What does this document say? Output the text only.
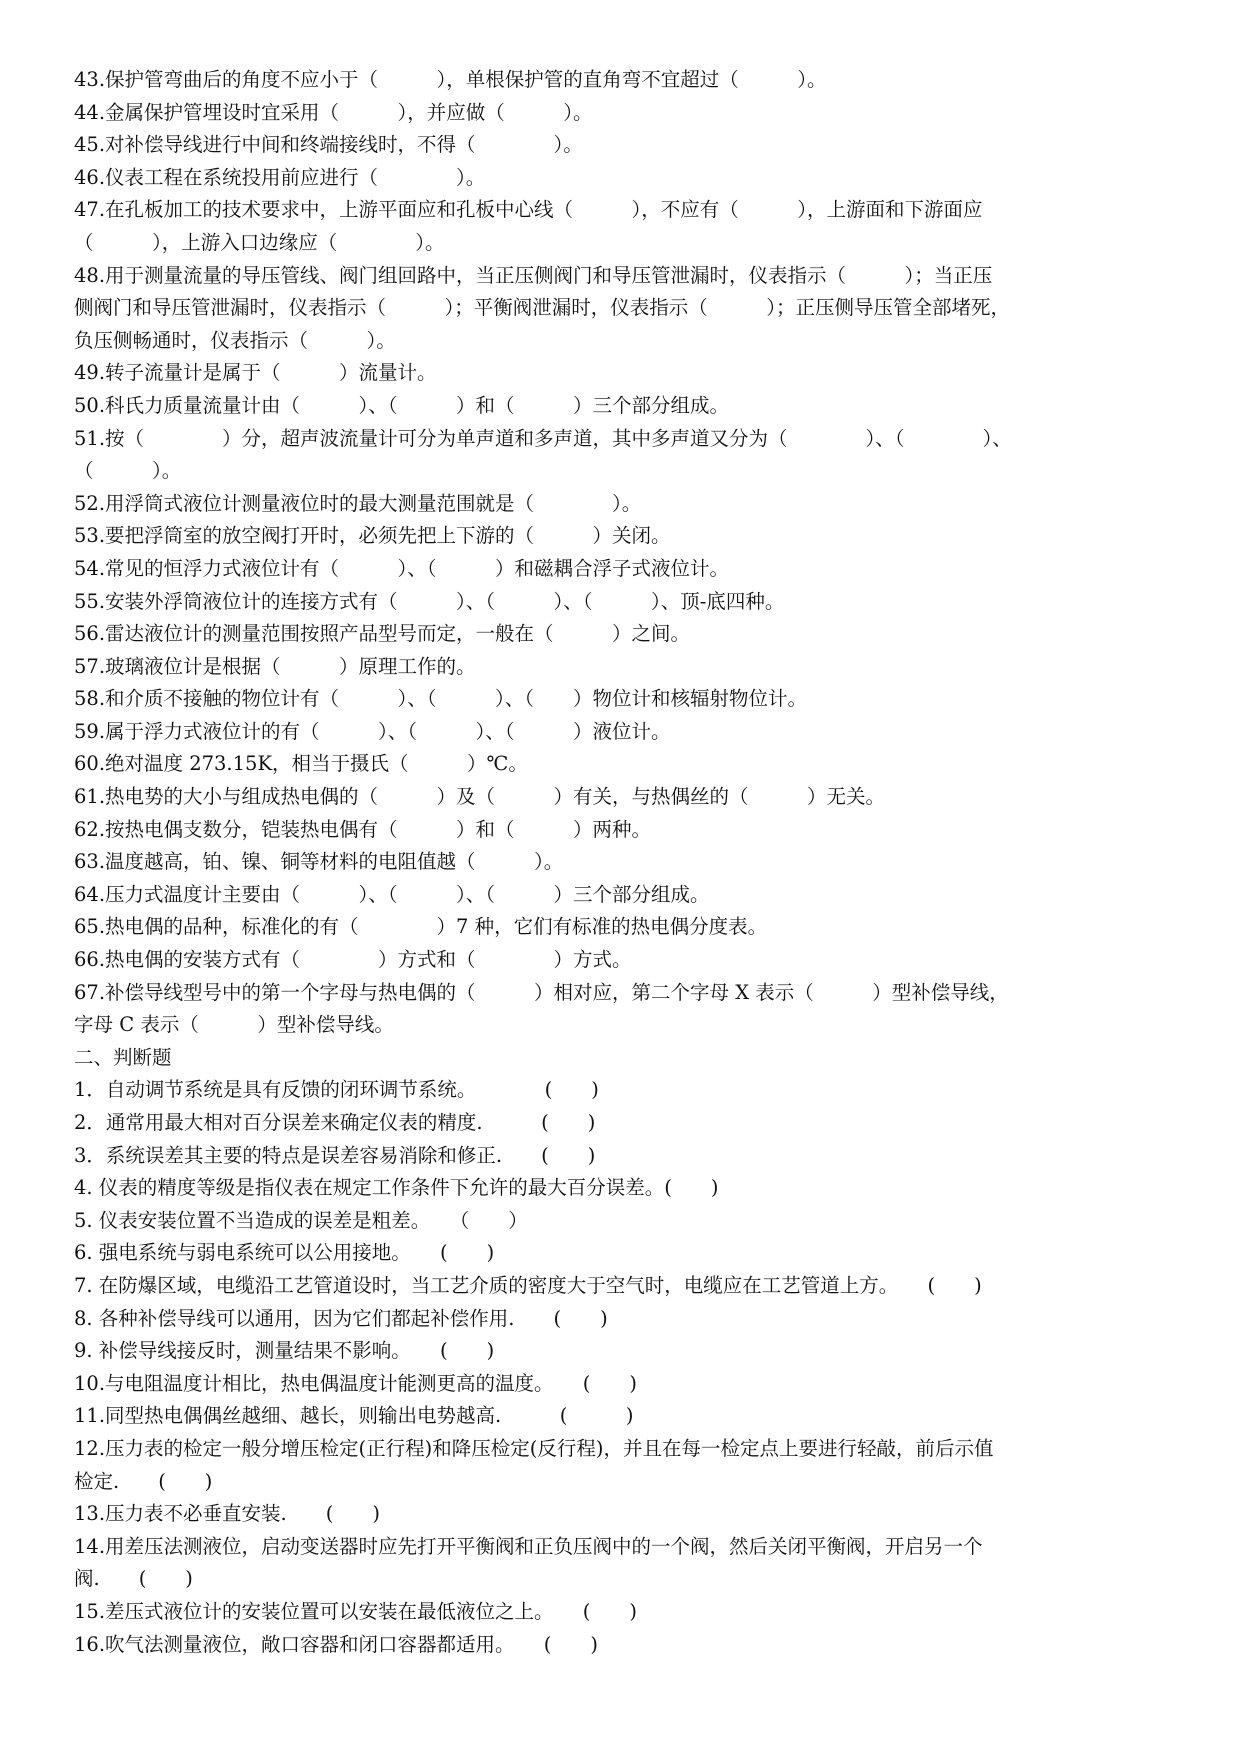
43.保护管弯曲后的角度不应小于（　　　），单根保护管的直角弯不宜超过（　　　）。
44.金属保护管埋设时宜采用（　　　），并应做（　　　）。
45.对补偿导线进行中间和终端接线时，不得（　　　　）。
46.仪表工程在系统投用前应进行（　　　　）。
47.在孔板加工的技术要求中，上游平面应和孔板中心线（　　　），不应有（　　　），上游面和下游面应
（　　　），上游入口边缘应（　　　　）。
48.用于测量流量的导压管线、阀门组回路中，当正压侧阀门和导压管泄漏时，仪表指示（　　　）；当正压
侧阀门和导压管泄漏时，仪表指示（　　　）；平衡阀泄漏时，仪表指示（　　　）；正压侧导压管全部堵死，
负压侧畅通时，仪表指示（　　　）。
49.转子流量计是属于（　　　）流量计。
50.科氏力质量流量计由（　　　）、（　　　）和（　　　）三个部分组成。
51.按（　　　　）分，超声波流量计可分为单声道和多声道，其中多声道又分为（　　　　）、（　　　　）、
（　　　）。
52.用浮筒式液位计测量液位时的最大测量范围就是（　　　　）。
53.要把浮筒室的放空阀打开时，必须先把上下游的（　　　）关闭。
54.常见的恒浮力式液位计有（　　　）、（　　　）和磁耦合浮子式液位计。
55.安装外浮筒液位计的连接方式有（　　　）、（　　　）、（　　　）、顶-底四种。
56.雷达液位计的测量范围按照产品型号而定，一般在（　　　）之间。
57.玻璃液位计是根据（　　　）原理工作的。
58.和介质不接触的物位计有（　　　）、（　　　）、（　　）物位计和核辐射物位计。
59.属于浮力式液位计的有（　　　）、（　　　）、（　　　）液位计。
60.绝对温度 273.15K，相当于摄氏（　　　）℃。
61.热电势的大小与组成热电偶的（　　　）及（　　　）有关，与热偶丝的（　　　）无关。
62.按热电偶支数分，铠装热电偶有（　　　）和（　　　）两种。
63.温度越高，铂、镍、铜等材料的电阻值越（　　　）。
64.压力式温度计主要由（　　　）、（　　　）、（　　　）三个部分组成。
65.热电偶的品种，标准化的有（　　　　）7 种，它们有标准的热电偶分度表。
66.热电偶的安装方式有（　　　　）方式和（　　　　）方式。
67.补偿导线型号中的第一个字母与热电偶的（　　　）相对应，第二个字母 X 表示（　　　）型补偿导线，
字母 C 表示（　　　）型补偿导线。
二、判断题
1．自动调节系统是具有反馈的闭环调节系统。　　　　(　　)
2．通常用最大相对百分误差来确定仪表的精度.　　　(　　)
3．系统误差其主要的特点是误差容易消除和修正.　　(　　)
4. 仪表的精度等级是指仪表在规定工作条件下允许的最大百分误差。(　　)
5. 仪表安装位置不当造成的误差是粗差。　　（　　）
6. 强电系统与弱电系统可以公用接地。　　(　　)
7. 在防爆区域，电缆沿工艺管道设时，当工艺介质的密度大于空气时，电缆应在工艺管道上方。　　(　　)
8. 各种补偿导线可以通用，因为它们都起补偿作用.　　(　　)
9. 补偿导线接反时，测量结果不影响。　　(　　)
10.与电阻温度计相比，热电偶温度计能测更高的温度。　　(　　)
11.同型热电偶偶丝越细、越长，则输出电势越高.　　　(　　　)
12.压力表的检定一般分增压检定(正行程)和降压检定(反行程)，并且在每一检定点上要进行轻敲，前后示值
检定.　　(　　)
13.压力表不必垂直安装.　　(　　)
14.用差压法测液位，启动变送器时应先打开平衡阀和正负压阀中的一个阀，然后关闭平衡阀，开启另一个
阀.　　(　　)
15.差压式液位计的安装位置可以安装在最低液位之上。　　(　　)
16.吹气法测量液位，敞口容器和闭口容器都适用。　　(　　)
